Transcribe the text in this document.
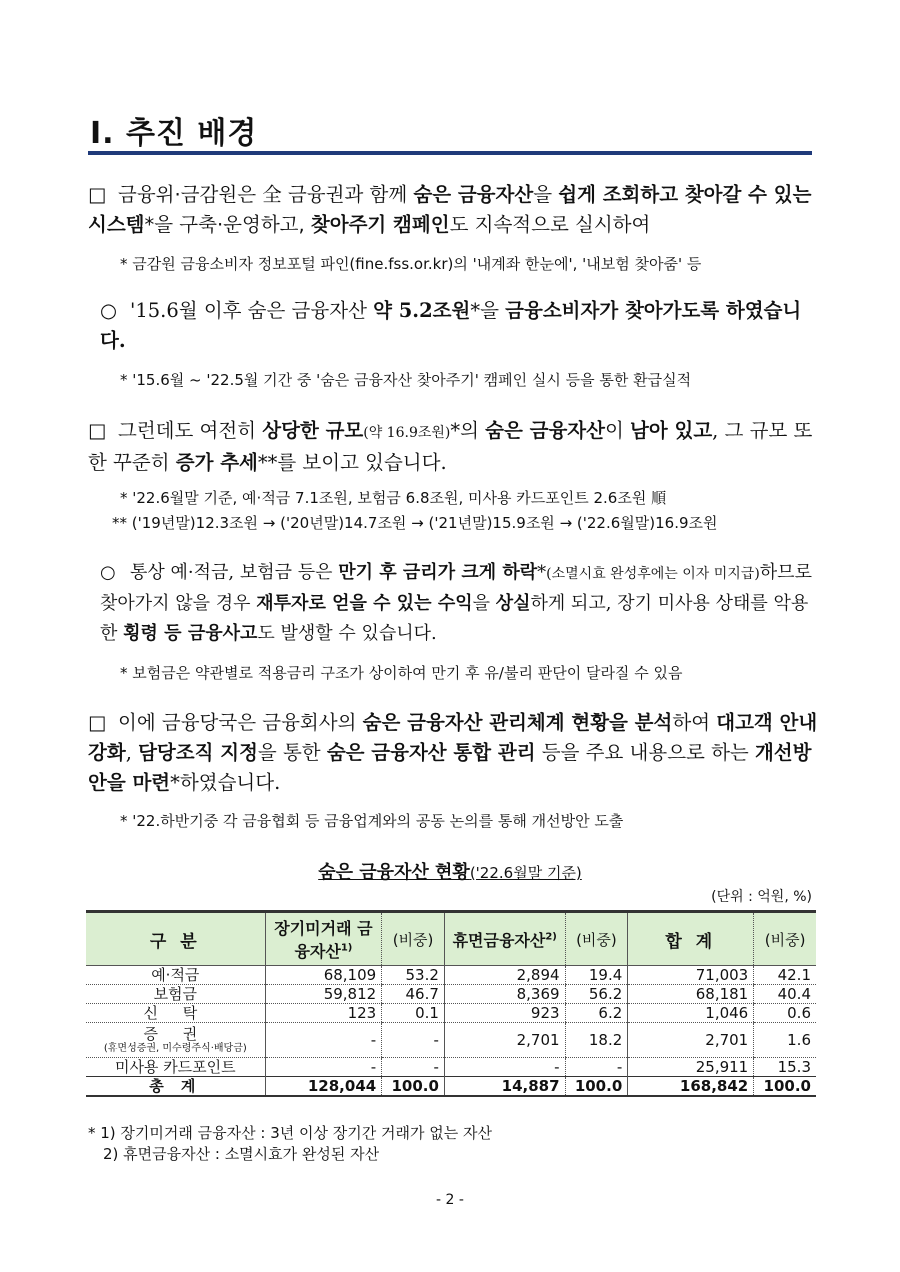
Ⅰ. 추진 배경
□ 금융위·금감원은 全 금융권과 함께 숨은 금융자산을 쉽게 조회하고 찾아갈 수 있는 시스템*을 구축·운영하고, 찾아주기 캠페인도 지속적으로 실시하여
* 금감원 금융소비자 정보포털 파인(fine.fss.or.kr)의 '내계좌 한눈에', '내보험 찾아줌' 등
○ '15.6월 이후 숨은 금융자산 약 5.2조원*을 금융소비자가 찾아가도록 하였습니다.
* '15.6월 ~ '22.5월 기간 중 '숨은 금융자산 찾아주기' 캠페인 실시 등을 통한 환급실적
□ 그런데도 여전히 상당한 규모(약 16.9조원)*의 숨은 금융자산이 남아 있고, 그 규모 또한 꾸준히 증가 추세**를 보이고 있습니다.
* '22.6월말 기준, 예·적금 7.1조원, 보험금 6.8조원, 미사용 카드포인트 2.6조원 順
** ('19년말)12.3조원 → ('20년말)14.7조원 → ('21년말)15.9조원 → ('22.6월말)16.9조원
○ 통상 예·적금, 보험금 등은 만기 후 금리가 크게 하락*(소멸시효 완성후에는 이자 미지급)하므로 찾아가지 않을 경우 재투자로 얻을 수 있는 수익을 상실하게 되고, 장기 미사용 상태를 악용한 횡령 등 금융사고도 발생할 수 있습니다.
* 보험금은 약관별로 적용금리 구조가 상이하여 만기 후 유/불리 판단이 달라질 수 있음
□ 이에 금융당국은 금융회사의 숨은 금융자산 관리체계 현황을 분석하여 대고객 안내 강화, 담당조직 지정을 통한 숨은 금융자산 통합 관리 등을 주요 내용으로 하는 개선방안을 마련*하였습니다.
* '22.하반기중 각 금융협회 등 금융업계와의 공동 논의를 통해 개선방안 도출
숨은 금융자산 현황('22.6월말 기준)
(단위 : 억원, %)
구 분	장기미거래 금융자산$^{1)}$	(비중)	휴면금융자산$^{2)}$	(비중)	합 계	(비중)
예·적금	68,109	53.2	2,894	19.4	71,003	42.1
보험금	59,812	46.7	8,369	56.2	68,181	40.4
신 탁	123	0.1	923	6.2	1,046	0.6
증 권
(휴면성증권, 미수령주식·배당금)	-	-	2,701	18.2	2,701	1.6
미사용 카드포인트	-	-	-	-	25,911	15.3
총 계	128,044	100.0	14,887	100.0	168,842	100.0
* 1) 장기미거래 금융자산 : 3년 이상 장기간 거래가 없는 자산
2) 휴면금융자산 : 소멸시효가 완성된 자산
- 2 -
